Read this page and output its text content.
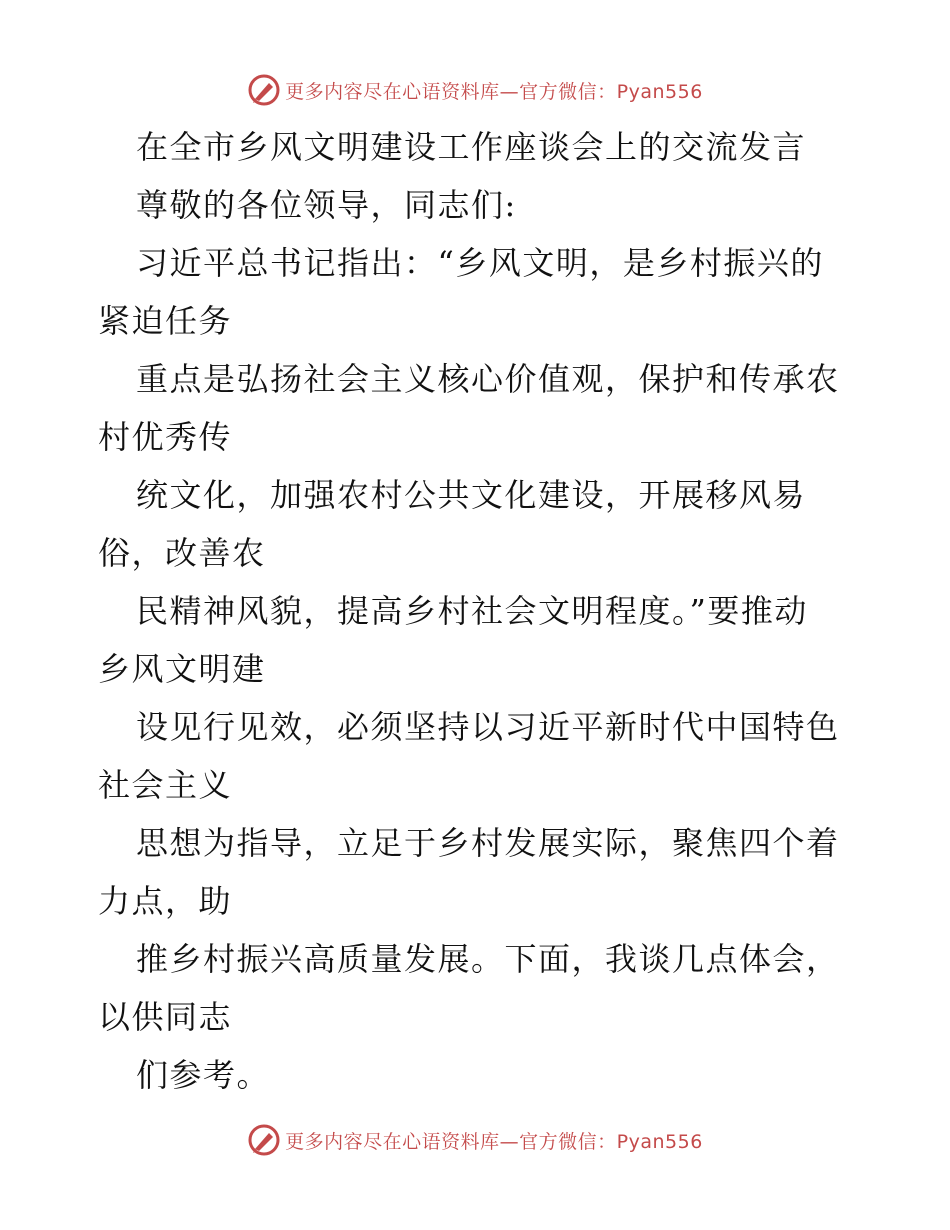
更多内容尽在心语资料库—官方微信：Pyan556
在全市乡风文明建设工作座谈会上的交流发言
尊敬的各位领导，同志们:
习近平总书记指出：“乡风文明，是乡村振兴的
紧迫任务
重点是弘扬社会主义核心价值观，保护和传承农
村优秀传
统文化，加强农村公共文化建设，开展移风易
俗，改善农
民精神风貌，提高乡村社会文明程度。”要推动
乡风文明建
设见行见效，必须坚持以习近平新时代中国特色
社会主义
思想为指导，立足于乡村发展实际，聚焦四个着
力点，助
推乡村振兴高质量发展。下面，我谈几点体会，
以供同志
们参考。
更多内容尽在心语资料库—官方微信：Pyan556
